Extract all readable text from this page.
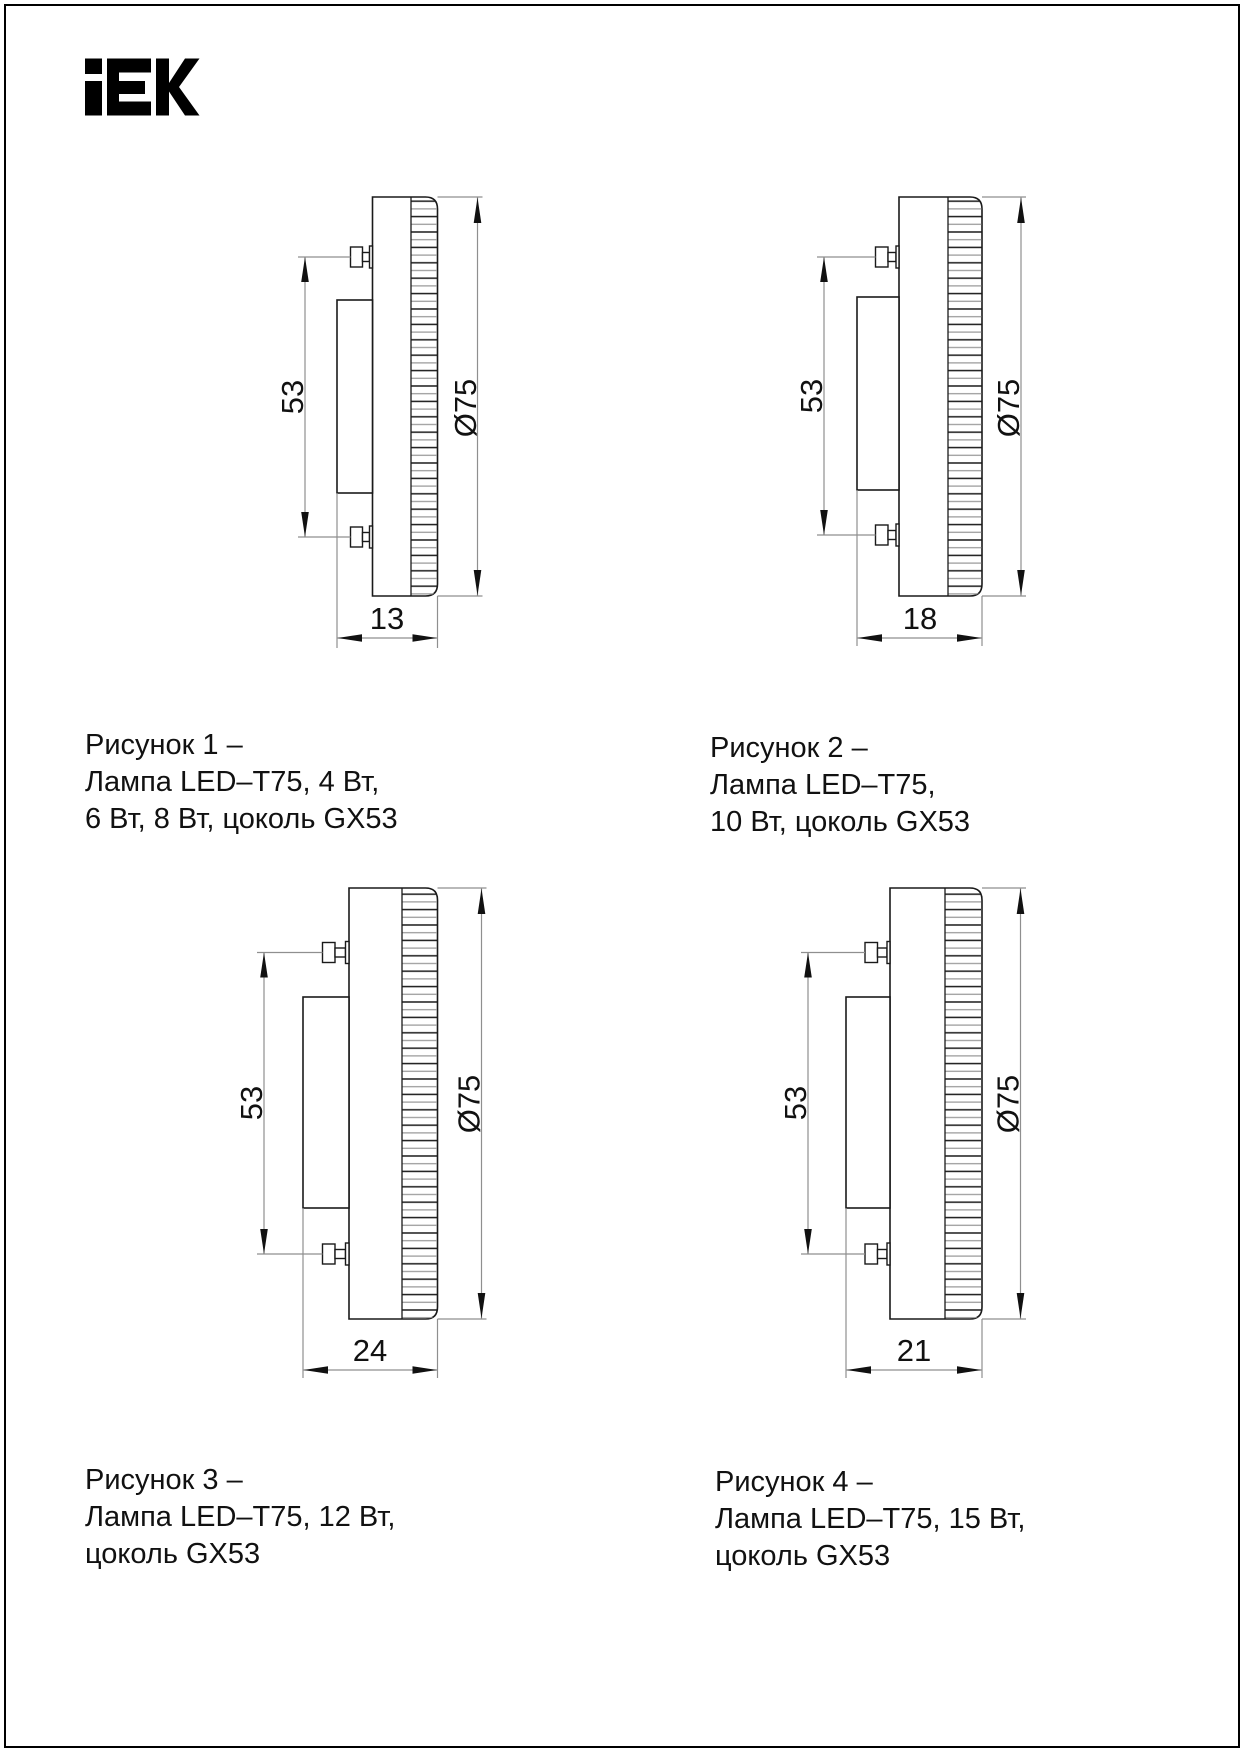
53	Ø75
13
53	Ø75
18
53	Ø75
24
53	Ø75
21
Рисунок 1 –
Лампа LED–T75, 4 Вт,
6 Вт, 8 Вт, цоколь GX53
Рисунок 2 –
Лампа LED–T75,
10 Вт, цоколь GX53
Рисунок 3 –
Лампа LED–T75, 12 Вт,
цоколь GX53
Рисунок 4 –
Лампа LED–T75, 15 Вт,
цоколь GX53
